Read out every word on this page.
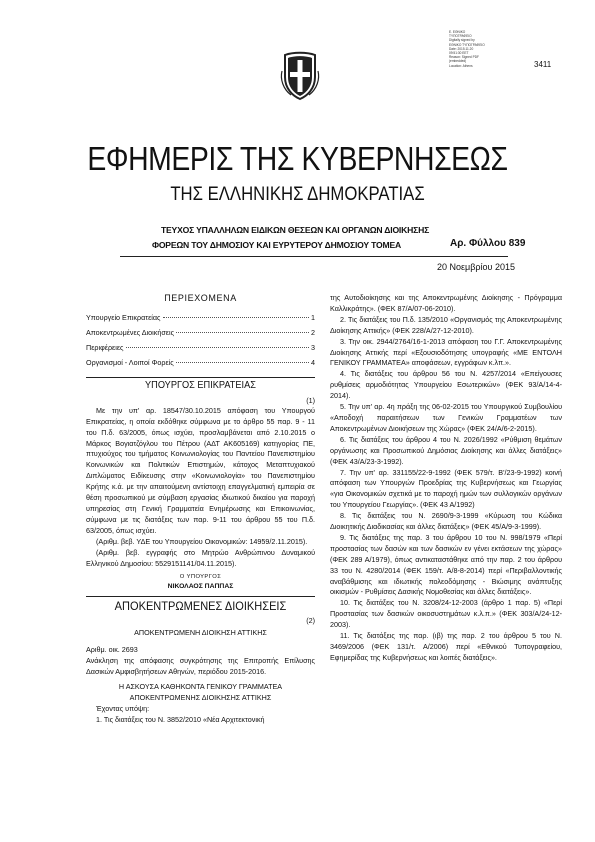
Ε. ΕΘΝΙΚΟ
ΤΥΠΟΓΡΑΦΕΙΟ
Digitally signed by
ΕΘΝΙΚΟ ΤΥΠΟΓΡΑΦΕΙΟ
Date: 2015.11.20
09:51:30 EET
Reason: Signed PDF
(embedded)
Location: Athens	3411
ΕΦΗΜΕΡΙΣ ΤΗΣ ΚΥΒΕΡΝΗΣΕΩΣ
ΤΗΣ ΕΛΛΗΝΙΚΗΣ ΔΗΜΟΚΡΑΤΙΑΣ
ΤΕΥΧΟΣ ΥΠΑΛΛΗΛΩΝ ΕΙΔΙΚΩΝ ΘΕΣΕΩΝ ΚΑΙ ΟΡΓΑΝΩΝ ΔΙΟΙΚΗΣΗΣ
ΦΟΡΕΩΝ ΤΟΥ ΔΗΜΟΣΙΟΥ ΚΑΙ ΕΥΡΥΤΕΡΟΥ ΔΗΜΟΣΙΟΥ ΤΟΜΕΑ	Αρ. Φύλλου 839
20 Νοεμβρίου 2015
ΠΕΡΙΕΧΟΜΕΝΑ
Υπουργείο Επικρατείας	1
Αποκεντρωμένες Διοικήσεις	2
Περιφέρειες	3
Οργανισμοί - Λοιποί Φορείς	4
ΥΠΟΥΡΓΟΣ ΕΠΙΚΡΑΤΕΙΑΣ
(1)

Με την υπ' αρ. 18547/30.10.2015 απόφαση του Υπουργού Επικρατείας, η οποία εκδόθηκε σύμφωνα με το άρθρο 55 παρ. 9 - 11 του Π.δ. 63/2005, όπως ισχύει, προσλαμβάνεται από 2.10.2015 ο Μάρκος Βογιατζόγλου του Πέτρου (ΑΔΤ ΑΚ605169) κατηγορίας ΠΕ, πτυχιούχος του τμήματος Κοινωνιολογίας του Παντείου Πανεπιστημίου Κοινωνικών και Πολιτικών Επιστημών, κάτοχος Μεταπτυχιακού Διπλώματος Ειδίκευσης στην «Κοινωνιολογία» του Πανεπιστημίου Κρήτης κ.ά. με την απαιτούμενη αντίστοιχη επαγγελματική εμπειρία σε θέση προσωπικού με σύμβαση εργασίας ιδιωτικού δικαίου για παροχή υπηρεσίας στη Γενική Γραμματεία Ενημέρωσης και Επικοινωνίας, σύμφωνα με τις διατάξεις των παρ. 9-11 του άρθρου 55 του Π.δ. 63/2005, όπως ισχύει.

(Αριθμ. βεβ. ΥΔΕ του Υπουργείου Οικονομικών: 14959/2.11.2015).

(Αριθμ. βεβ. εγγραφής στο Μητρώο Ανθρώπινου Δυναμικού Ελληνικού Δημοσίου: 5529151141/04.11.2015).

Ο ΥΠΟΥΡΓΟΣ
ΝΙΚΟΛΑΟΣ ΠΑΠΠΑΣ
ΑΠΟΚΕΝΤΡΩΜΕΝΕΣ ΔΙΟΙΚΗΣΕΙΣ
(2)
ΑΠΟΚΕΝΤΡΩΜΕΝΗ ΔΙΟΙΚΗΣΗ ΑΤΤΙΚΗΣ

Αριθμ. οικ. 2693

Ανάκληση της απόφασης συγκρότησης της Επιτροπής Επίλυσης Δασικών Αμφισβητήσεων Αθηνών, περιόδου 2015-2016.

Η ΑΣΚΟΥΣΑ ΚΑΘΗΚΟΝΤΑ ΓΕΝΙΚΟΥ ΓΡΑΜΜΑΤΕΑ
ΑΠΟΚΕΝΤΡΩΜΕΝΗΣ ΔΙΟΙΚΗΣΗΣ ΑΤΤΙΚΗΣ

Έχοντας υπόψη:

1. Τις διατάξεις του Ν. 3852/2010 «Νέα Αρχιτεκτονική

της Αυτοδιοίκησης και της Αποκεντρωμένης Διοίκησης - Πρόγραμμα Καλλικράτης». (ΦΕΚ 87/Α/07-06-2010).

2. Τις διατάξεις του Π.δ. 135/2010 «Οργανισμός της Αποκεντρωμένης Διοίκησης Αττικής» (ΦΕΚ 228/Α/27-12-2010).

3. Την οικ. 2944/2764/16-1-2013 απόφαση του Γ.Γ. Αποκεντρωμένης Διοίκησης Αττικής περί «Εξουσιοδότησης υπογραφής «ΜΕ ΕΝΤΟΛΗ ΓΕΝΙΚΟΥ ΓΡΑΜΜΑΤΕΑ» αποφάσεων, εγγράφων κ.λπ.».

4. Τις διατάξεις του άρθρου 56 του Ν. 4257/2014 «Επείγουσες ρυθμίσεις αρμοδιότητας Υπουργείου Εσωτερικών» (ΦΕΚ 93/Α/14-4-2014).

5. Την υπ' αρ. 4η πράξη της 06-02-2015 του Υπουργικού Συμβουλίου «Αποδοχή παραιτήσεων των Γενικών Γραμματέων των Αποκεντρωμένων Διοικήσεων της Χώρας» (ΦΕΚ 24/Α/6-2-2015).

6. Τις διατάξεις του άρθρου 4 του Ν. 2026/1992 «Ρύθμιση θεμάτων οργάνωσης και Προσωπικού Δημόσιας Διοίκησης και άλλες διατάξεις» (ΦΕΚ 43/Α/23-3-1992).

7. Την υπ' αρ. 331155/22-9-1992 (ΦΕΚ 579/τ. Β'/23-9-1992) κοινή απόφαση των Υπουργών Προεδρίας της Κυβερνήσεως και Γεωργίας «για Οικονομικών σχετικά με το παροχή ημών των συλλογικών οργάνων του Υπουργείου Γεωργίας». (ΦΕΚ 43 Α/1992)

8. Τις διατάξεις του Ν. 2690/9-3-1999 «Κύρωση του Κώδικα Διοικητικής Διαδικασίας και άλλες διατάξεις» (ΦΕΚ 45/Α/9-3-1999).

9. Τις διατάξεις της παρ. 3 του άρθρου 10 του Ν. 998/1979 «Περί προστασίας των δασών και των δασικών εν γένει εκτάσεων της χώρας» (ΦΕΚ 289 Α/1979), όπως αντικαταστάθηκε από την παρ. 2 του άρθρου 33 του Ν. 4280/2014 (ΦΕΚ 159/τ. Α/8-8-2014) περί «Περιβαλλοντικής αναβάθμισης και ιδιωτικής πολεοδόμησης - Βιώσιμης ανάπτυξης οικισμών - Ρυθμίσεις Δασικής Νομοθεσίας και άλλες διατάξεις».

10. Τις διατάξεις του Ν. 3208/24-12-2003 (άρθρο 1 παρ. 5) «Περί Προστασίας των δασικών οικοσυστημάτων κ.λ.π.» (ΦΕΚ 303/Α/24-12-2003).

11. Τις διατάξεις της παρ. (ιβ) της παρ. 2 του άρθρου 5 του Ν. 3469/2006 (ΦΕΚ 131/τ. Α/2006) περί «Εθνικού Τυπογραφείου, Εφημερίδας της Κυβερνήσεως και λοιπές διατάξεις».
